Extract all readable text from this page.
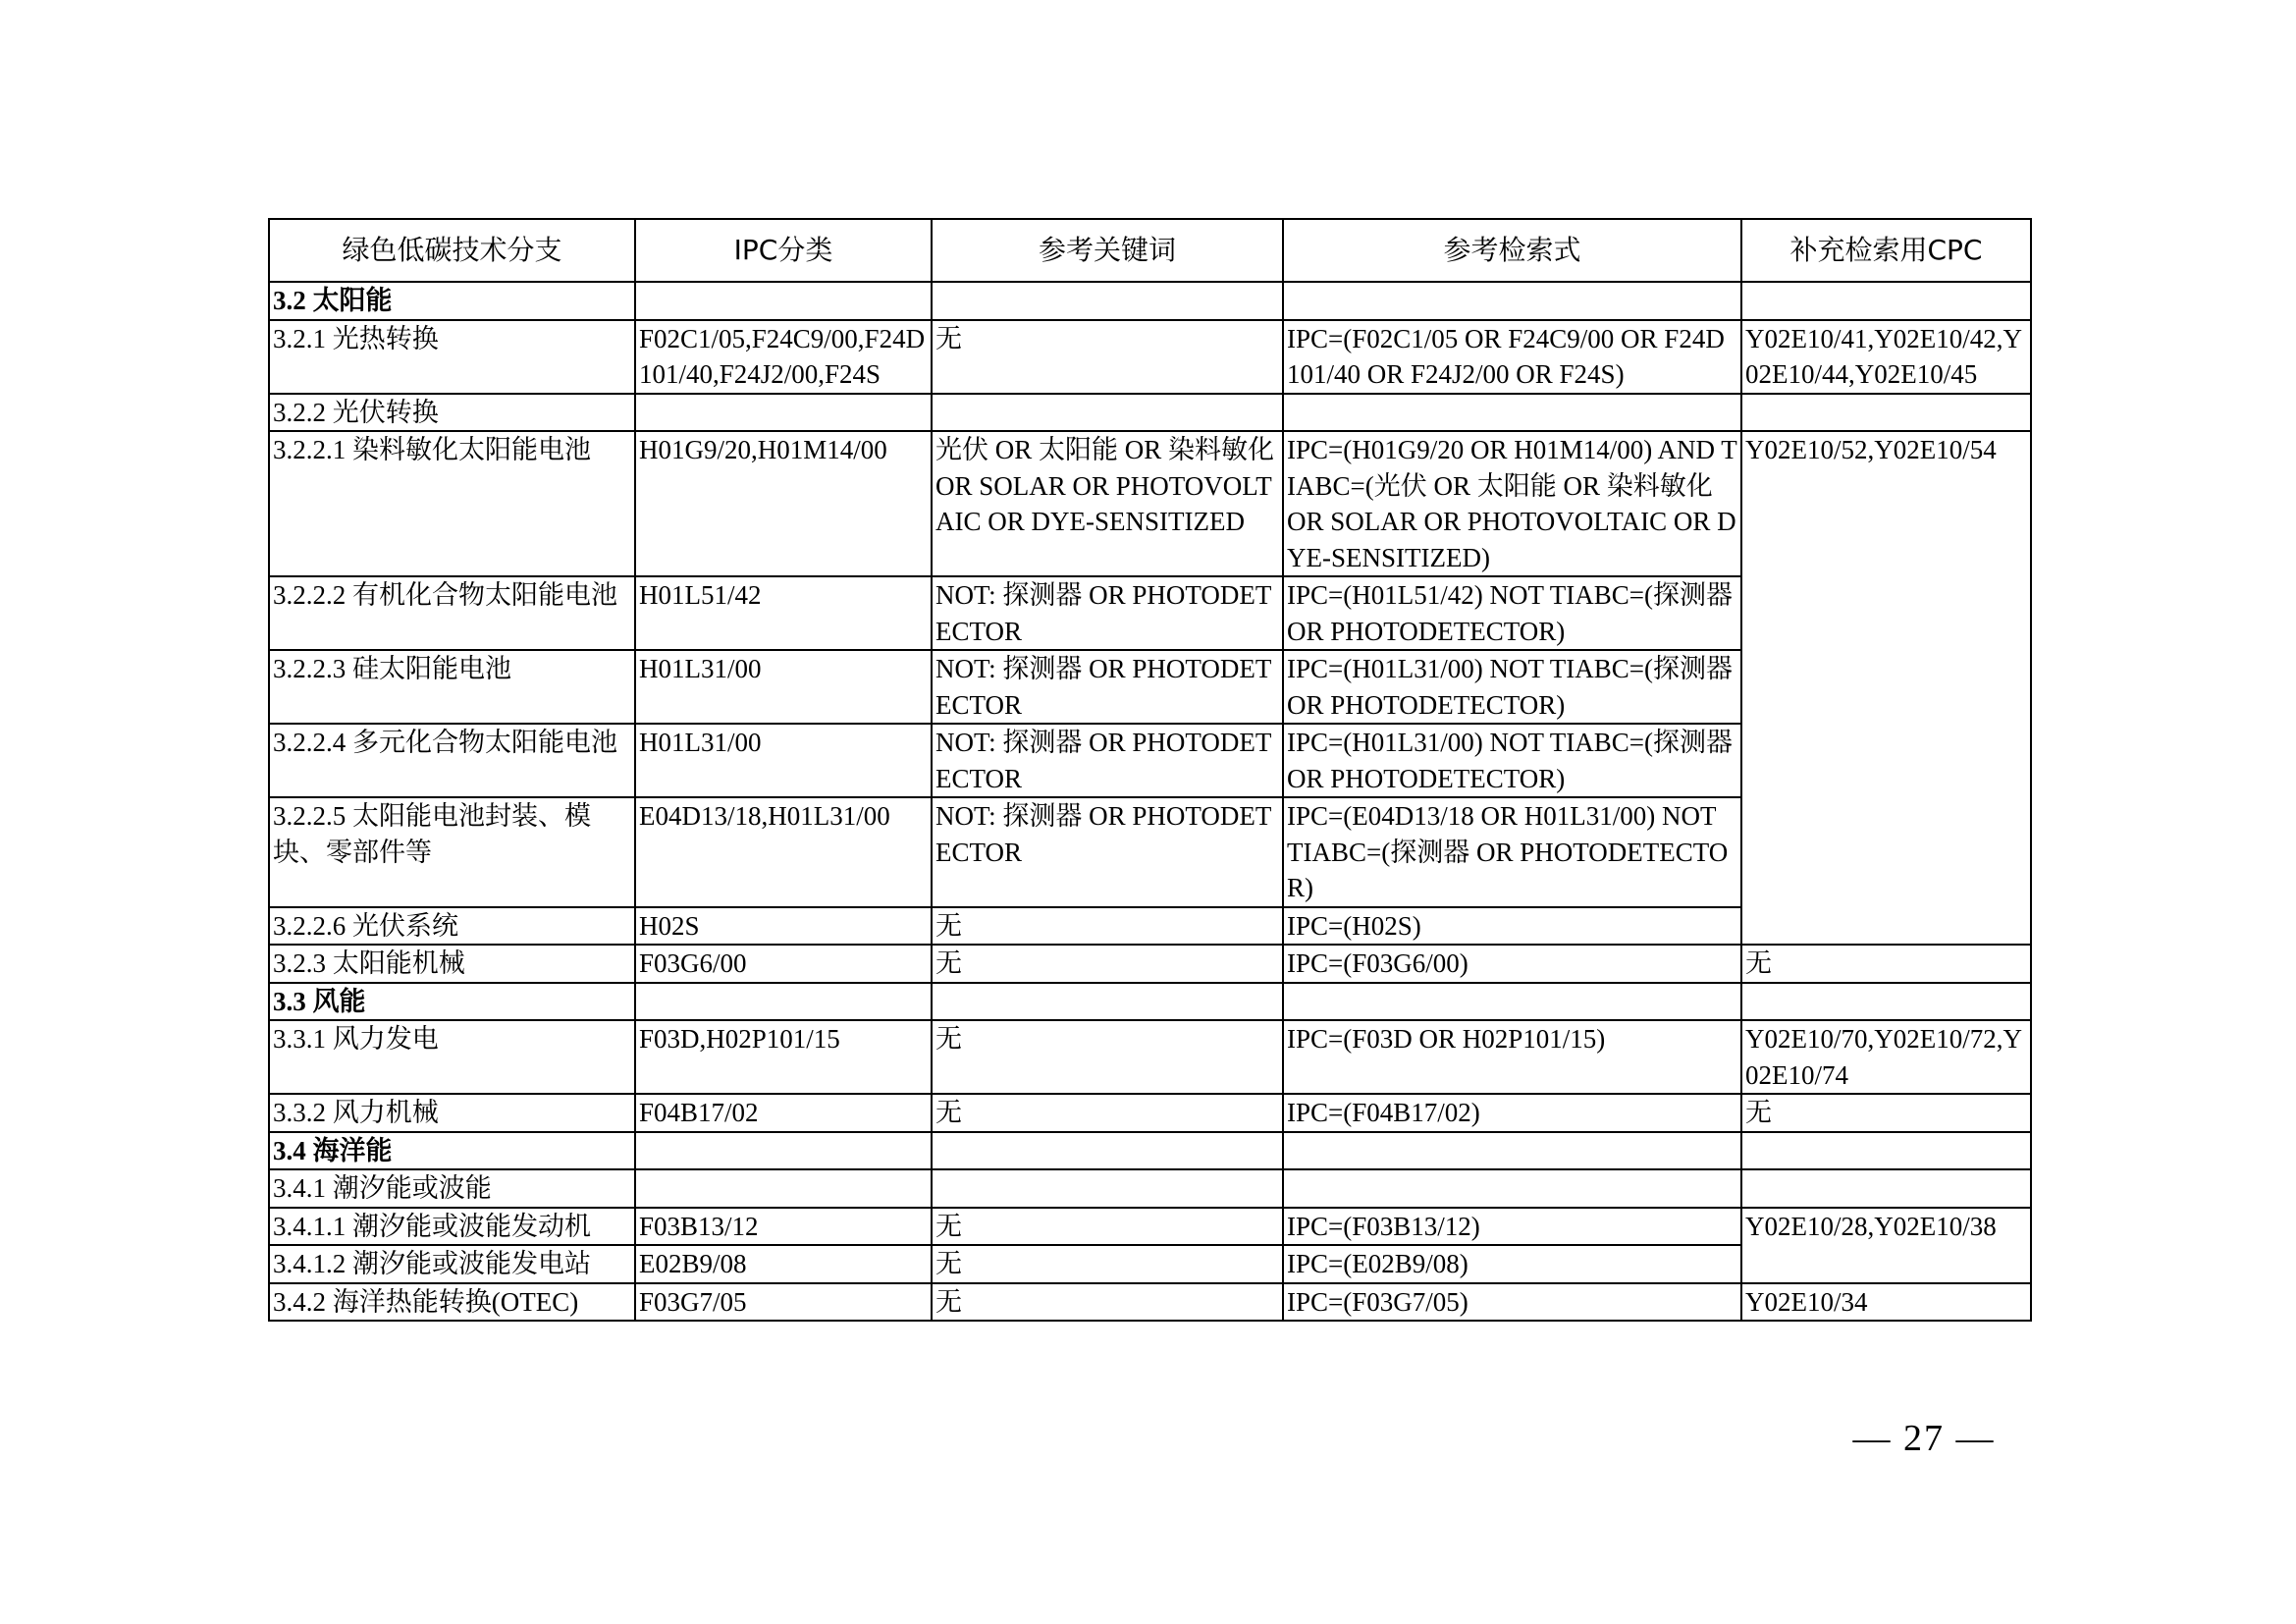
绿色低碳技术分支	IPC分类	参考关键词	参考检索式	补充检索用CPC
3.2 太阳能				
3.2.1 光热转换	F02C1/05,F24C9/00,F24D101/40,F24J2/00,F24S	无	IPC=(F02C1/05 OR F24C9/00 OR F24D101/40 OR F24J2/00 OR F24S)	Y02E10/41,Y02E10/42,Y02E10/44,Y02E10/45
3.2.2 光伏转换				
3.2.2.1 染料敏化太阳能电池	H01G9/20,H01M14/00	光伏 OR 太阳能 OR 染料敏化 OR SOLAR OR PHOTOVOLTAIC OR DYE-SENSITIZED	IPC=(H01G9/20 OR H01M14/00) AND TIABC=(光伏 OR 太阳能 OR 染料敏化 OR SOLAR OR PHOTOVOLTAIC OR DYE-SENSITIZED)	Y02E10/52,Y02E10/54
3.2.2.2 有机化合物太阳能电池	H01L51/42	NOT: 探测器 OR PHOTODETECTOR	IPC=(H01L51/42) NOT TIABC=(探测器 OR PHOTODETECTOR)	
3.2.2.3 硅太阳能电池	H01L31/00	NOT: 探测器 OR PHOTODETECTOR	IPC=(H01L31/00) NOT TIABC=(探测器 OR PHOTODETECTOR)	
3.2.2.4 多元化合物太阳能电池	H01L31/00	NOT: 探测器 OR PHOTODETECTOR	IPC=(H01L31/00) NOT TIABC=(探测器 OR PHOTODETECTOR)	
3.2.2.5 太阳能电池封装、模块、零部件等	E04D13/18,H01L31/00	NOT: 探测器 OR PHOTODETECTOR	IPC=(E04D13/18 OR H01L31/00) NOT TIABC=(探测器 OR PHOTODETECTOR)	
3.2.2.6 光伏系统	H02S	无	IPC=(H02S)	
3.2.3 太阳能机械	F03G6/00	无	IPC=(F03G6/00)	无
3.3 风能				
3.3.1 风力发电	F03D,H02P101/15	无	IPC=(F03D OR H02P101/15)	Y02E10/70,Y02E10/72,Y02E10/74
3.3.2 风力机械	F04B17/02	无	IPC=(F04B17/02)	无
3.4 海洋能				
3.4.1 潮汐能或波能				
3.4.1.1 潮汐能或波能发动机	F03B13/12	无	IPC=(F03B13/12)	Y02E10/28,Y02E10/38
3.4.1.2 潮汐能或波能发电站	E02B9/08	无	IPC=(E02B9/08)	
3.4.2 海洋热能转换(OTEC)	F03G7/05	无	IPC=(F03G7/05)	Y02E10/34
— 27 —
